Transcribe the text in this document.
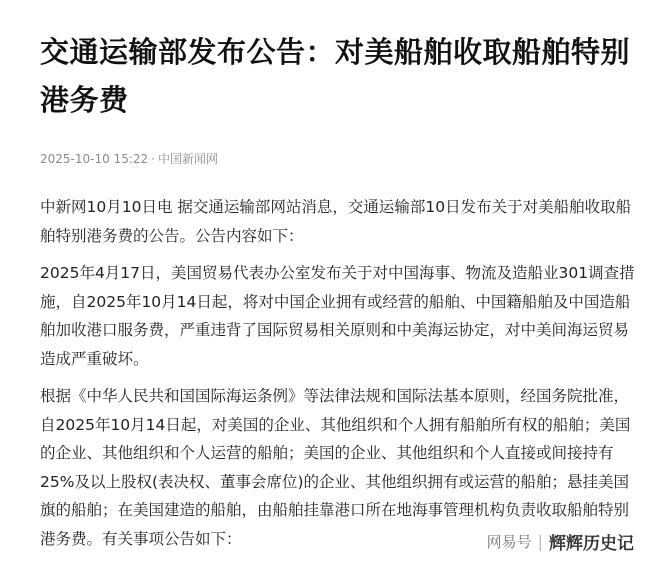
交通运输部发布公告：对美船舶收取船舶特别港务费
2025-10-10 15:22 · 中国新闻网

中新网10月10日电 据交通运输部网站消息，交通运输部10日发布关于对美船舶收取船舶特别港务费的公告。公告内容如下：

2025年4月17日，美国贸易代表办公室发布关于对中国海事、物流及造船业301调查措施，自2025年10月14日起，将对中国企业拥有或经营的船舶、中国籍船舶及中国造船舶加收港口服务费，严重违背了国际贸易相关原则和中美海运协定，对中美间海运贸易造成严重破坏。

根据《中华人民共和国国际海运条例》等法律法规和国际法基本原则，经国务院批准，自2025年10月14日起，对美国的企业、其他组织和个人拥有船舶所有权的船舶；美国的企业、其他组织和个人运营的船舶；美国的企业、其他组织和个人直接或间接持有25%及以上股权(表决权、董事会席位)的企业、其他组织拥有或运营的船舶；悬挂美国旗的船舶；在美国建造的船舶，由船舶挂靠港口所在地海事管理机构负责收取船舶特别港务费。有关事项公告如下：	网易号 | 辉辉历史记
